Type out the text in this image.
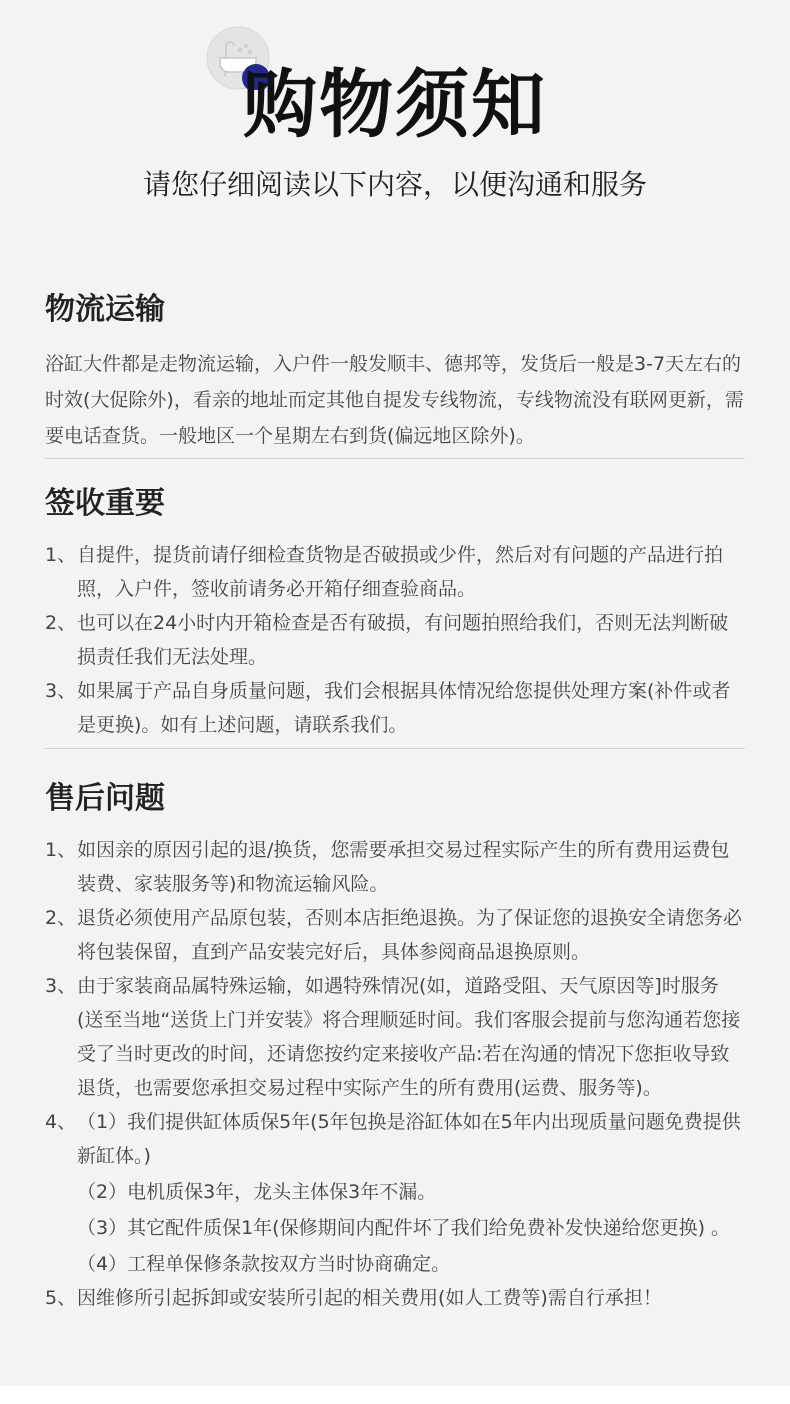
购物须知
请您仔细阅读以下内容，以便沟通和服务
物流运输

浴缸大件都是走物流运输，入户件一般发顺丰、德邦等，发货后一般是3-7天左右的时效(大促除外)，看亲的地址而定其他自提发专线物流，专线物流没有联网更新，需要电话查货。一般地区一个星期左右到货(偏远地区除外)。

签收重要
1、 自提件，提货前请仔细检查货物是否破损或少件，然后对有问题的产品进行拍照，入户件，签收前请务必开箱仔细查验商品。
2、 也可以在24小时内开箱检查是否有破损，有问题拍照给我们，否则无法判断破损责任我们无法处理。
3、 如果属于产品自身质量问题，我们会根据具体情况给您提供处理方案(补件或者是更换)。如有上述问题，请联系我们。
售后问题
1、 如因亲的原因引起的退/换货，您需要承担交易过程实际产生的所有费用运费包装费、家装服务等)和物流运输风险。
2、 退货必须使用产品原包装，否则本店拒绝退换。为了保证您的退换安全请您务必将包装保留，直到产品安装完好后，具体参阅商品退换原则。
3、 由于家装商品属特殊运输，如遇特殊情况(如，道路受阻、天气原因等]时服务(送至当地“送货上门并安装》将合理顺延时间。我们客服会提前与您沟通若您接受了当时更改的时间，还请您按约定来接收产品:若在沟通的情况下您拒收导致退货，也需要您承担交易过程中实际产生的所有费用(运费、服务等)。
4、 （1）我们提供缸体质保5年(5年包换是浴缸体如在5年内出现质量问题免费提供新缸体。)
（2） 电机质保3年，龙头主体保3年不漏。
（3） 其它配件质保1年(保修期间内配件坏了我们给免费补发快递给您更换) 。
（4） 工程单保修条款按双方当时协商确定。
5、 因维修所引起拆卸或安装所引起的相关费用(如人工费等)需自行承担！
